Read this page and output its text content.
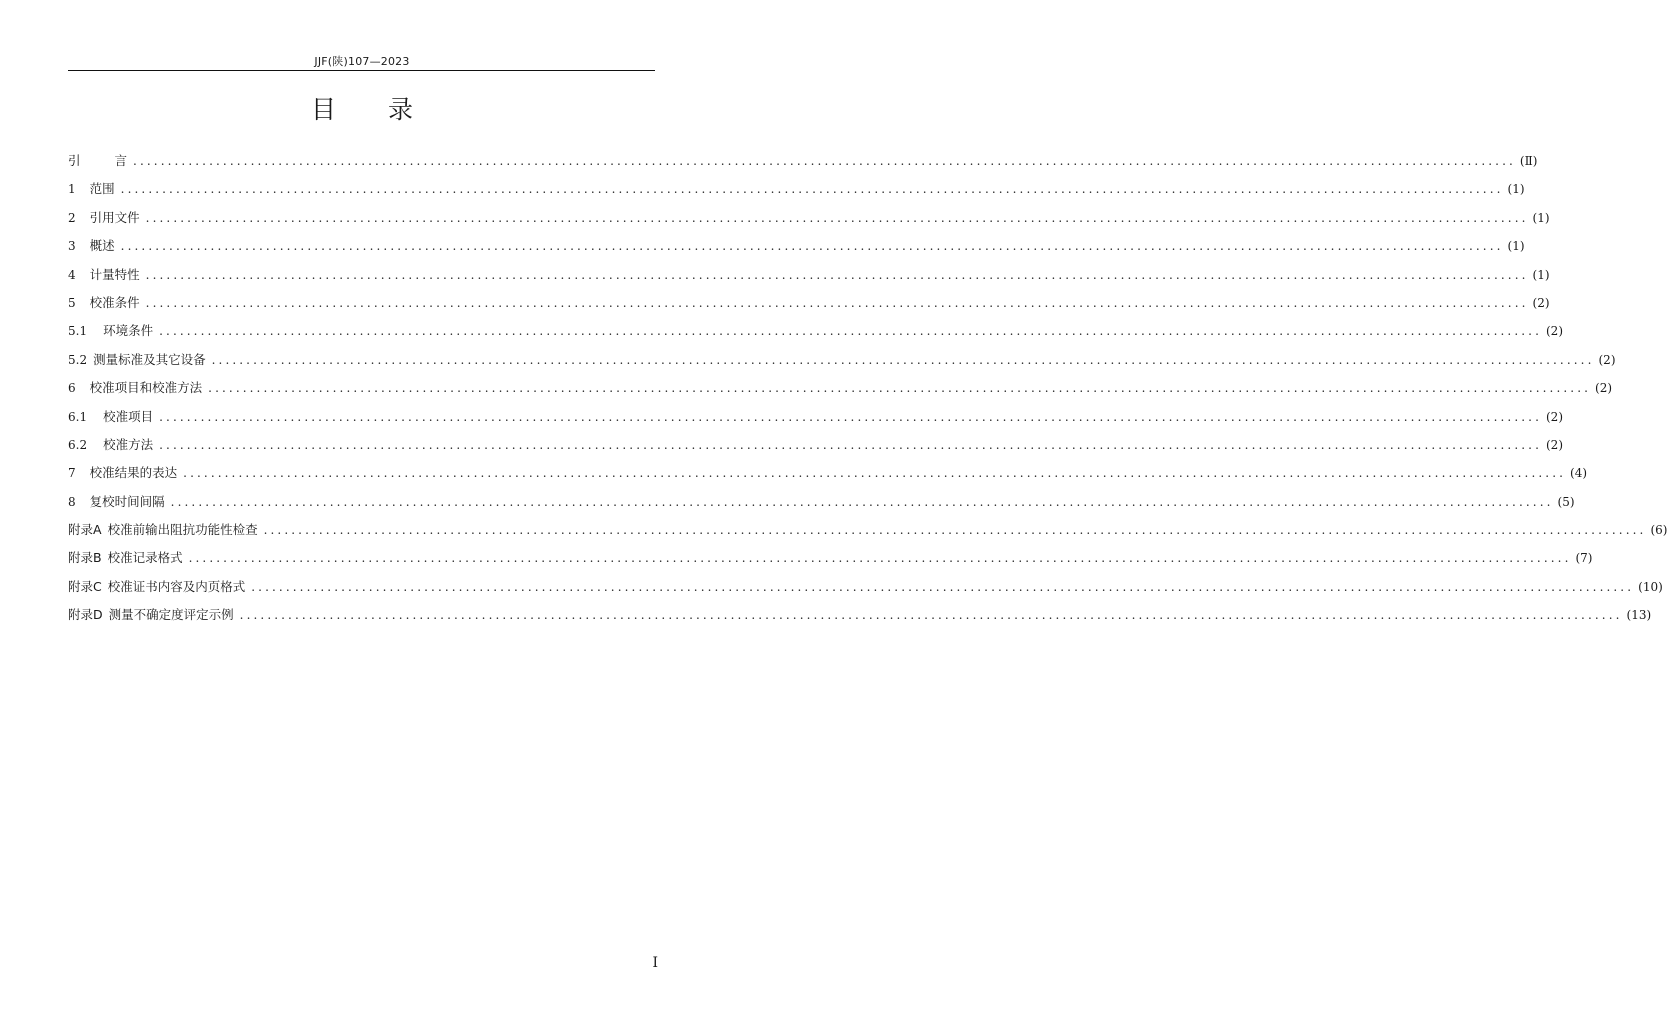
JJF(陕)107—2023
目 录
引	言 ........................................................................................................................................................................................................ (Ⅱ)
1 范围 ........................................................................................................................................................................................................ (1)
2 引用文件 ........................................................................................................................................................................................................ (1)
3 概述 ........................................................................................................................................................................................................ (1)
4 计量特性 ........................................................................................................................................................................................................ (1)
5 校准条件 ........................................................................................................................................................................................................ (2)
5.1 环境条件 ........................................................................................................................................................................................................ (2)
5.2 测量标准及其它设备 ........................................................................................................................................................................................................ (2)
6 校准项目和校准方法 ........................................................................................................................................................................................................ (2)
6.1 校准项目 ........................................................................................................................................................................................................ (2)
6.2 校准方法 ........................................................................................................................................................................................................ (2)
7 校准结果的表达 ........................................................................................................................................................................................................ (4)
8 复校时间间隔 ........................................................................................................................................................................................................ (5)
附录A 校准前输出阻抗功能性检查 ........................................................................................................................................................................................................ (6)
附录B 校准记录格式 ........................................................................................................................................................................................................ (7)
附录C 校准证书内容及内页格式 ........................................................................................................................................................................................................ (10)
附录D 测量不确定度评定示例 ........................................................................................................................................................................................................ (13)
I
